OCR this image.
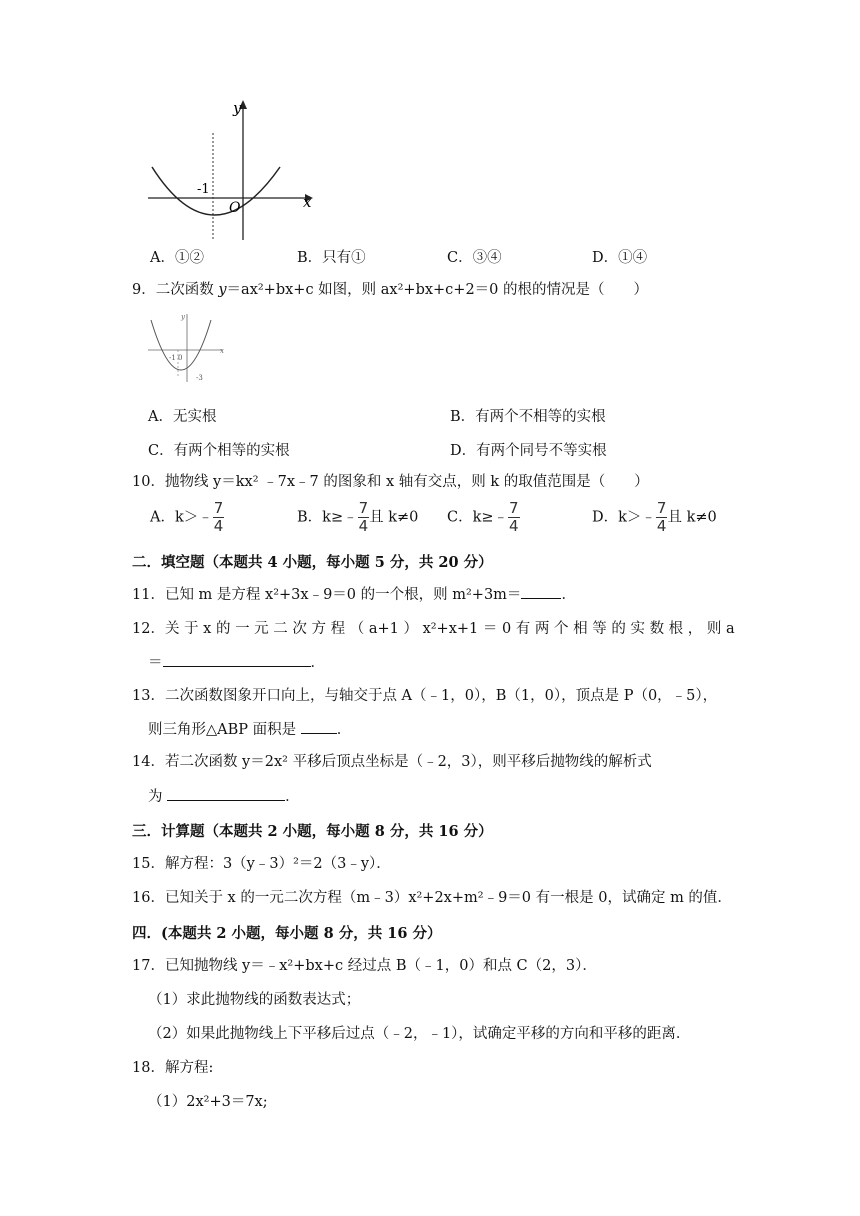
y
x
-1
O
A．①②	B．只有①	C．③④	D．①④
9．二次函数 y＝ax²+bx+c 如图，则 ax²+bx+c+2＝0 的根的情况是（　　）
y
x
-1 0
-3
A．无实根	B．有两个不相等的实根
C．有两个相等的实根	D．有两个同号不等实根
10．抛物线 y＝kx² ﹣7x﹣7 的图象和 x 轴有交点，则 k 的取值范围是（　　）
A．k＞﹣ $\frac{7}{4}$	B．k≥﹣ $\frac{7}{4}$ 且 k≠0 C．k≥﹣ $\frac{7}{4}$	D．k＞﹣ $\frac{7}{4}$ 且 k≠0
二．填空题（本题共 4 小题，每小题 5 分，共 20 分）
11．已知 m 是方程 x²+3x﹣9＝0 的一个根，则 m²+3m＝	．
12．关 于 x 的 一 元 二 次 方 程 （ a+1 ） x²+x+1 ＝ 0 有 两 个 相 等 的 实 数 根 ， 则 a
＝	．
13．二次函数图象开口向上，与轴交于点 A（﹣1，0），B（1，0），顶点是 P（0，﹣5），
则三角形△ABP 面积是 ．
14．若二次函数 y＝2x² 平移后顶点坐标是（﹣2，3），则平移后抛物线的解析式
为	．
三．计算题（本题共 2 小题，每小题 8 分，共 16 分）
15．解方程：3（y﹣3）²＝2（3﹣y）．
16．已知关于 x 的一元二次方程（m﹣3）x²+2x+m²﹣9＝0 有一根是 0，试确定 m 的值．
四．(本题共 2 小题，每小题 8 分，共 16 分）
17．已知抛物线 y＝﹣x²+bx+c 经过点 B（﹣1，0）和点 C（2，3）．
（1）求此抛物线的函数表达式；
（2）如果此抛物线上下平移后过点（﹣2，﹣1），试确定平移的方向和平移的距离．
18．解方程:
（1）2x²+3＝7x;
